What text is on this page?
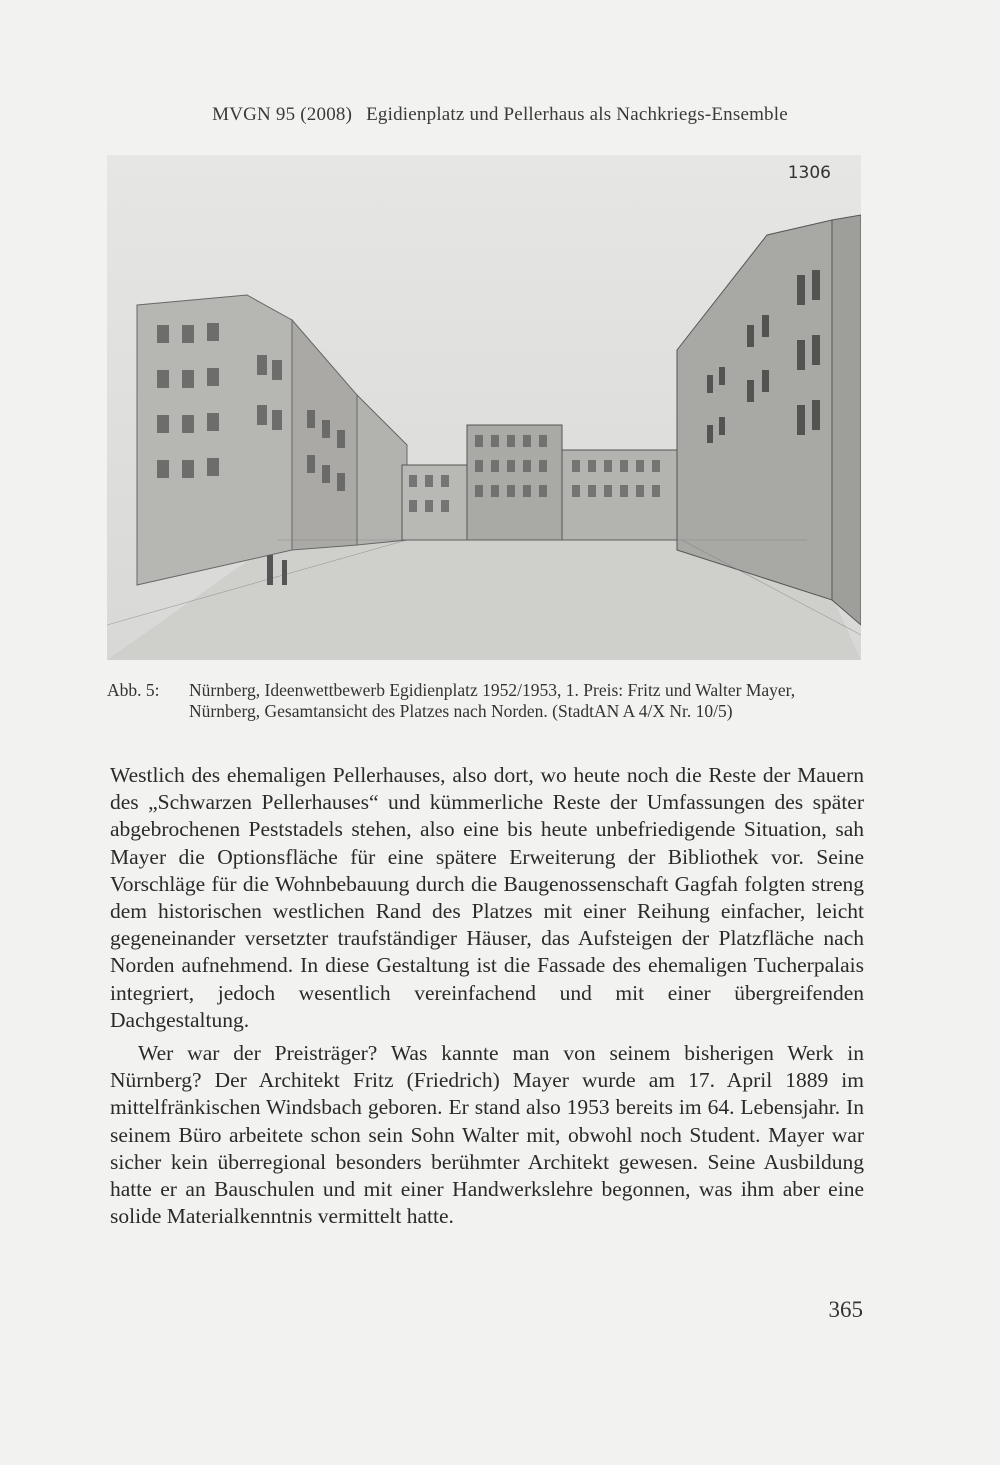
MVGN 95 (2008) Egidienplatz und Pellerhaus als Nachkriegs-Ensemble
1306
Abb. 5: Nürnberg, Ideenwettbewerb Egidienplatz 1952/1953, 1. Preis: Fritz und Walter Mayer, Nürnberg, Gesamtansicht des Platzes nach Norden. (StadtAN A 4/X Nr. 10/5)

Westlich des ehemaligen Pellerhauses, also dort, wo heute noch die Reste der Mauern des „Schwarzen Pellerhauses“ und kümmerliche Reste der Umfassungen des später abgebrochenen Peststadels stehen, also eine bis heute unbefriedigende Situation, sah Mayer die Optionsfläche für eine spätere Erweiterung der Bibliothek vor. Seine Vorschläge für die Wohnbebauung durch die Baugenossenschaft Gagfah folgten streng dem historischen westlichen Rand des Platzes mit einer Reihung einfacher, leicht gegeneinander versetzter traufständiger Häuser, das Aufsteigen der Platzfläche nach Norden aufnehmend. In diese Gestaltung ist die Fassade des ehemaligen Tucherpalais integriert, jedoch wesentlich vereinfachend und mit einer übergreifenden Dachgestaltung.

Wer war der Preisträger? Was kannte man von seinem bisherigen Werk in Nürnberg? Der Architekt Fritz (Friedrich) Mayer wurde am 17. April 1889 im mittelfränkischen Windsbach geboren. Er stand also 1953 bereits im 64. Lebensjahr. In seinem Büro arbeitete schon sein Sohn Walter mit, obwohl noch Student. Mayer war sicher kein überregional besonders berühmter Architekt gewesen. Seine Ausbildung hatte er an Bauschulen und mit einer Handwerkslehre begonnen, was ihm aber eine solide Materialkenntnis vermittelt hatte.

365
